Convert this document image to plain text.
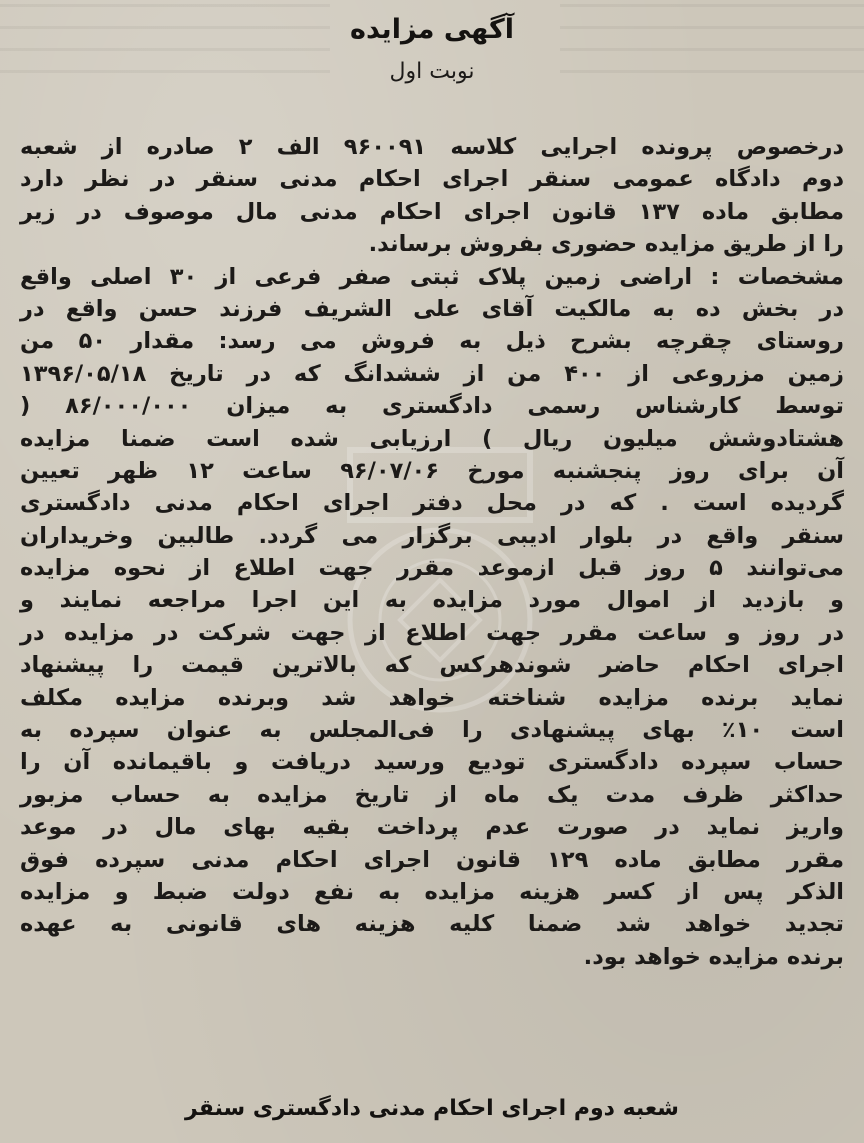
آگهی مزایده
نوبت اول
درخصوص پرونده اجرایی کلاسه ۹۶۰۰۹۱ الف ۲ صادره از شعبه
دوم دادگاه عمومی سنقر اجرای احکام مدنی سنقر در نظر دارد
مطابق ماده ۱۳۷ قانون اجرای احکام مدنی مال موصوف در زیر
را از طریق مزایده حضوری بفروش برساند.
مشخصات : اراضی زمین پلاک ثبتی صفر فرعی از ۳۰ اصلی واقع
در بخش ده به مالکیت آقای علی الشریف فرزند حسن واقع در
روستای چقرچه بشرح ذیل به فروش می رسد: مقدار ۵۰ من
زمین مزروعی از ۴۰۰ من از ششدانگ که در تاریخ ۱۳۹۶/۰۵/۱۸
توسط کارشناس رسمی دادگستری به میزان ۸۶/۰۰۰/۰۰۰ (
هشتادوشش میلیون ریال ) ارزیابی شده است ضمنا مزایده
آن برای روز پنجشنبه مورخ ۹۶/۰۷/۰۶ ساعت ۱۲ ظهر تعیین
گردیده است . که در محل دفتر اجرای احکام مدنی دادگستری
سنقر واقع در بلوار ادیبی برگزار می گردد. طالبین وخریداران
می‌توانند ۵ روز قبل ازموعد مقرر جهت اطلاع از نحوه مزایده
و بازدید از اموال مورد مزایده به این اجرا مراجعه نمایند و
در روز و ساعت مقرر جهت اطلاع از جهت شرکت در مزایده در
اجرای احکام حاضر شوندهرکس که بالاترین قیمت را پیشنهاد
نماید برنده مزایده شناخته خواهد شد وبرنده مزایده مکلف
است ۱۰٪ بهای پیشنهادی را فی‌المجلس به عنوان سپرده به
حساب سپرده دادگستری تودیع ورسید دریافت و باقیمانده آن را
حداکثر ظرف مدت یک ماه از تاریخ مزایده به حساب مزبور
واریز نماید در صورت عدم پرداخت بقیه بهای مال در موعد
مقرر مطابق ماده ۱۲۹ قانون اجرای احکام مدنی سپرده فوق
الذکر پس از کسر هزینه مزایده به نفع دولت ضبط و مزایده
تجدید خواهد شد ضمنا کلیه هزینه های قانونی به عهده
برنده مزایده خواهد بود.
شعبه دوم اجرای احکام مدنی دادگستری سنقر
